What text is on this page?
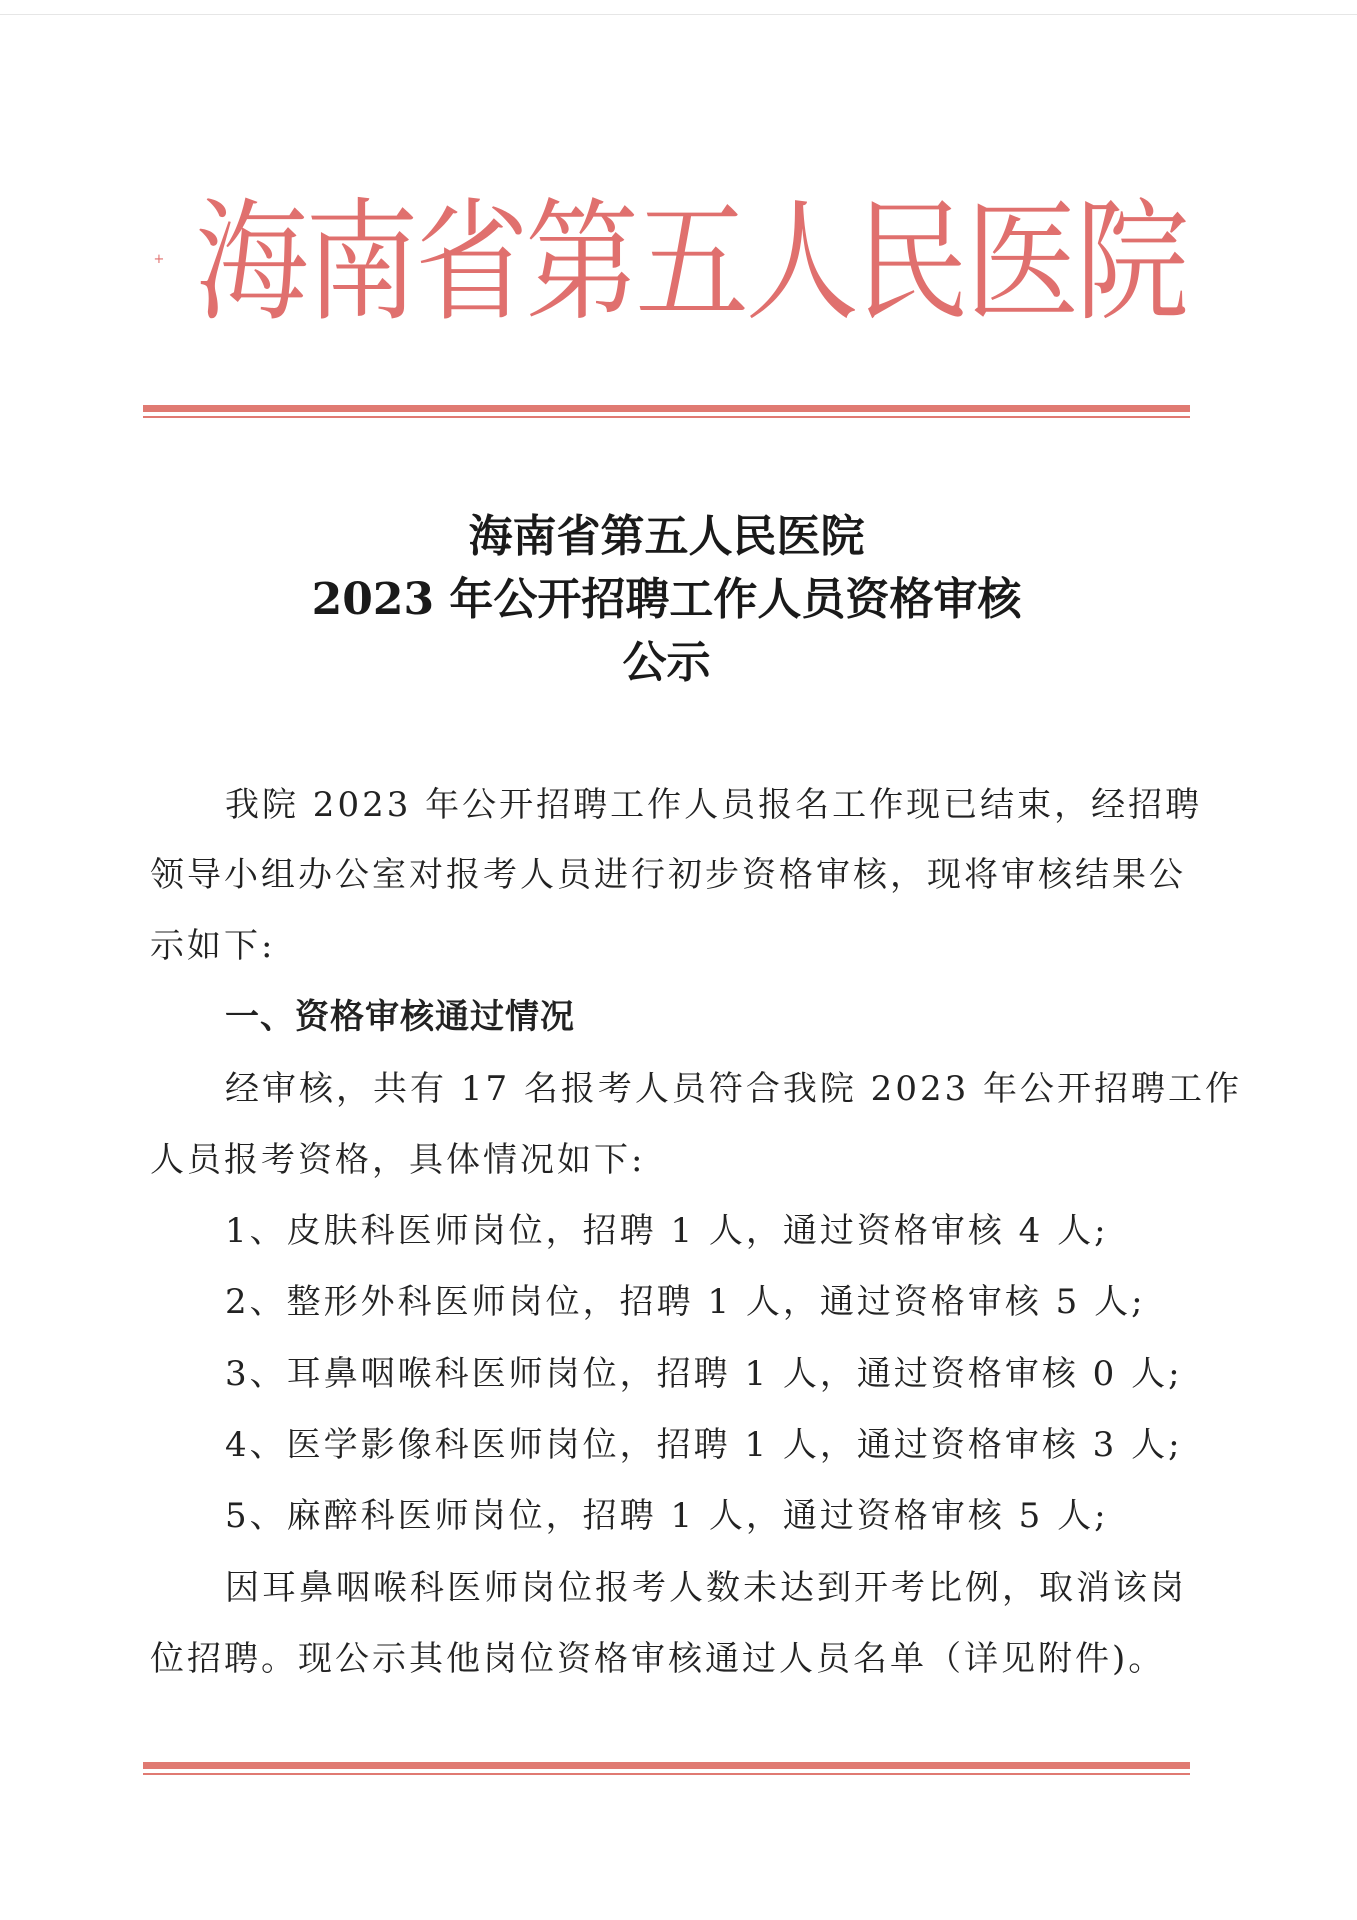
+ 海南省第五人民医院
海南省第五人民医院
2023 年公开招聘工作人员资格审核
公示
我院 2023 年公开招聘工作人员报名工作现已结束，经招聘
领导小组办公室对报考人员进行初步资格审核，现将审核结果公
示如下:
一、资格审核通过情况
经审核，共有 17 名报考人员符合我院 2023 年公开招聘工作
人员报考资格，具体情况如下:
1、皮肤科医师岗位，招聘 1 人，通过资格审核 4 人;
2、整形外科医师岗位，招聘 1 人，通过资格审核 5 人;
3、耳鼻咽喉科医师岗位，招聘 1 人，通过资格审核 0 人;
4、医学影像科医师岗位，招聘 1 人，通过资格审核 3 人;
5、麻醉科医师岗位，招聘 1 人，通过资格审核 5 人;
因耳鼻咽喉科医师岗位报考人数未达到开考比例，取消该岗
位招聘。现公示其他岗位资格审核通过人员名单（详见附件)。
